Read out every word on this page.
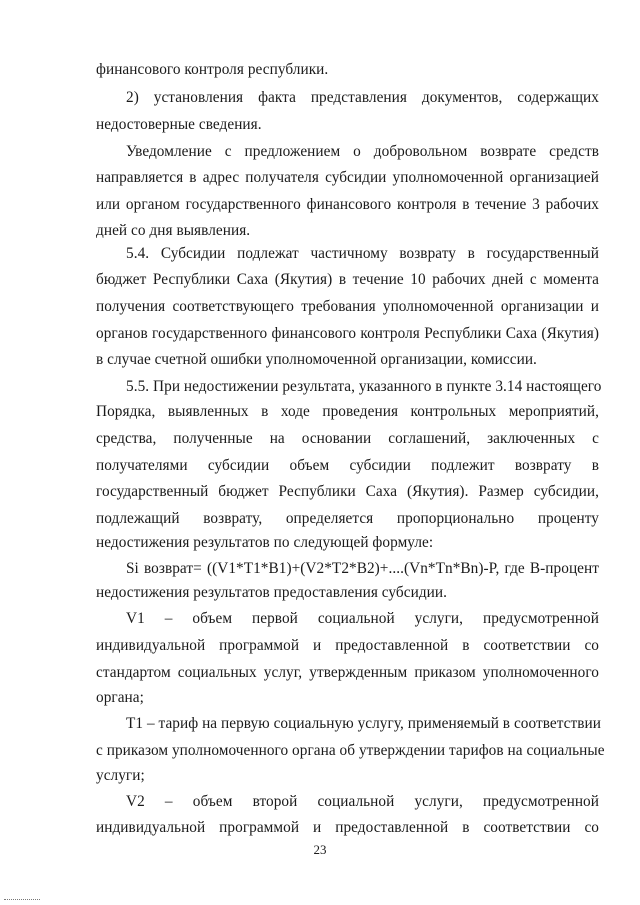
финансового контроля республики.
2) установления факта представления документов, содержащих
недостоверные сведения.
Уведомление с предложением о добровольном возврате средств
направляется в адрес получателя субсидии уполномоченной организацией
или органом государственного финансового контроля в течение 3 рабочих
дней со дня выявления.
5.4. Субсидии подлежат частичному возврату в государственный
бюджет Республики Саха (Якутия) в течение 10 рабочих дней с момента
получения соответствующего требования уполномоченной организации и
органов государственного финансового контроля Республики Саха (Якутия)
в случае счетной ошибки уполномоченной организации, комиссии.
5.5. При недостижении результата, указанного в пункте 3.14 настоящего
Порядка, выявленных в ходе проведения контрольных мероприятий,
средства, полученные на основании соглашений, заключенных с
получателями субсидии объем субсидии подлежит возврату в
государственный бюджет Республики Саха (Якутия). Размер субсидии,
подлежащий возврату, определяется пропорционально проценту
недостижения результатов по следующей формуле:
Si возврат= ((V1*T1*B1)+(V2*T2*B2)+....(Vn*Tn*Bn)-P, где В-процент
недостижения результатов предоставления субсидии.
V1 – объем первой социальной услуги, предусмотренной
индивидуальной программой и предоставленной в соответствии со
стандартом социальных услуг, утвержденным приказом уполномоченного
органа;
Т1 – тариф на первую социальную услугу, применяемый в соответствии
с приказом уполномоченного органа об утверждении тарифов на социальные
услуги;
V2 – объем второй социальной услуги, предусмотренной
индивидуальной программой и предоставленной в соответствии со
23
